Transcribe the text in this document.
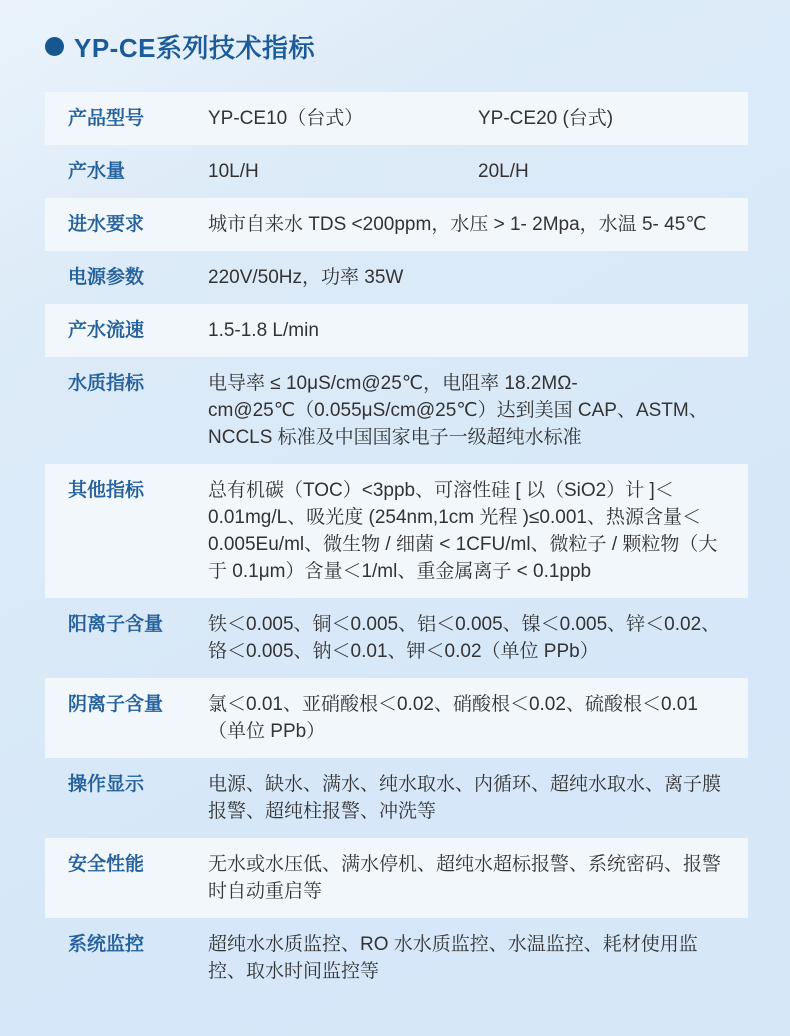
YP-CE系列技术指标
产品型号	YP-CE10（台式）	YP-CE20 (台式)
产水量	10L/H	20L/H
进水要求	城市自来水 TDS <200ppm，水压 > 1- 2Mpa，水温 5- 45℃
电源参数	220V/50Hz，功率 35W
产水流速	1.5-1.8 L/min
水质指标	电导率 ≤ 10μS/cm@25℃，电阻率 18.2MΩ-cm@25℃（0.055μS/cm@25℃）达到美国 CAP、ASTM、NCCLS 标准及中国国家电子一级超纯水标准
其他指标	总有机碳（TOC）<3ppb、可溶性硅 [ 以（SiO2）计 ]＜0.01mg/L、吸光度 (254nm,1cm 光程 )≤0.001、热源含量＜0.005Eu/ml、微生物 / 细菌 < 1CFU/ml、微粒子 / 颗粒物（大于 0.1μm）含量＜1/ml、重金属离子 < 0.1ppb
阳离子含量	铁＜0.005、铜＜0.005、铝＜0.005、镍＜0.005、锌＜0.02、铬＜0.005、钠＜0.01、钾＜0.02（单位 PPb）
阴离子含量	氯＜0.01、亚硝酸根＜0.02、硝酸根＜0.02、硫酸根＜0.01（单位 PPb）
操作显示	电源、缺水、满水、纯水取水、内循环、超纯水取水、离子膜报警、超纯柱报警、冲洗等
安全性能	无水或水压低、满水停机、超纯水超标报警、系统密码、报警时自动重启等
系统监控	超纯水水质监控、RO 水水质监控、水温监控、耗材使用监控、取水时间监控等
